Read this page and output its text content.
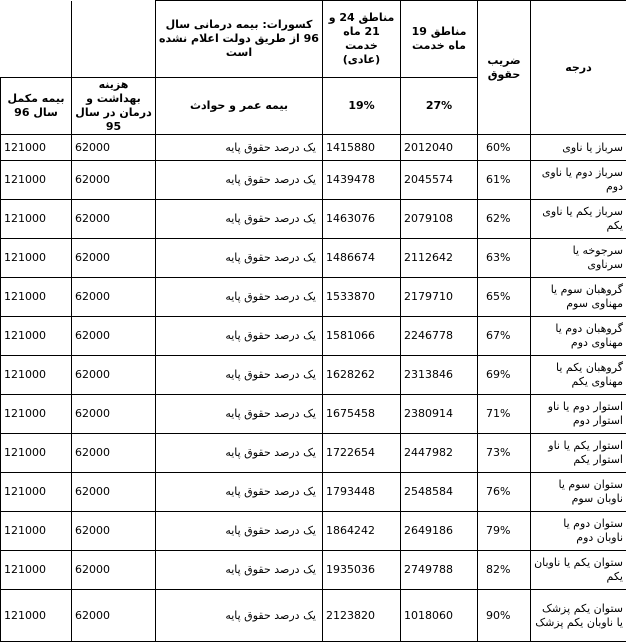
درجه	ضریب حقوق	مناطق 19 ماه خدمت	مناطق 24 و 21 ماه خدمت (عادی)	کسورات: بیمه درمانی سال 96 از طریق دولت اعلام نشده است		
		27%	19%	بیمه عمر و حوادث	هزینه بهداشت و درمان در سال 95	بیمه مکمل سال 96
سرباز یا ناوی	60%	2012040	1415880	یک درصد حقوق پایه	62000	121000
سرباز دوم یا ناوی دوم	61%	2045574	1439478	یک درصد حقوق پایه	62000	121000
سرباز یکم یا ناوی یکم	62%	2079108	1463076	یک درصد حقوق پایه	62000	121000
سرجوخه یا سرناوی	63%	2112642	1486674	یک درصد حقوق پایه	62000	121000
گروهبان سوم یا مهناوی سوم	65%	2179710	1533870	یک درصد حقوق پایه	62000	121000
گروهبان دوم یا مهناوی دوم	67%	2246778	1581066	یک درصد حقوق پایه	62000	121000
گروهبان یکم یا مهناوی یکم	69%	2313846	1628262	یک درصد حقوق پایه	62000	121000
استوار دوم یا ناو استوار دوم	71%	2380914	1675458	یک درصد حقوق پایه	62000	121000
استوار یکم یا ناو استوار یکم	73%	2447982	1722654	یک درصد حقوق پایه	62000	121000
ستوان سوم یا ناوبان سوم	76%	2548584	1793448	یک درصد حقوق پایه	62000	121000
ستوان دوم یا ناوبان دوم	79%	2649186	1864242	یک درصد حقوق پایه	62000	121000
ستوان یکم یا ناوبان یکم	82%	2749788	1935036	یک درصد حقوق پایه	62000	121000
ستوان یکم پزشک یا ناوبان یکم پزشک	90%	1018060	2123820	یک درصد حقوق پایه	62000	121000
